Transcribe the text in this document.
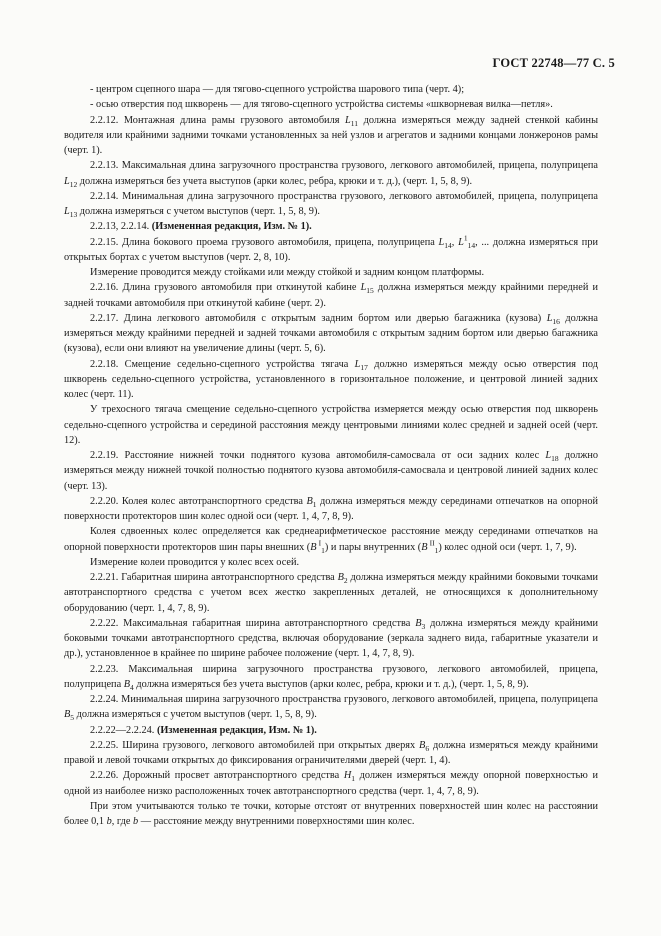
ГОСТ 22748—77 С. 5

- центром сцепного шара — для тягово-сцепного устройства шарового типа (черт. 4);

- осью отверстия под шкворень — для тягово-сцепного устройства системы «шкворневая вилка—петля».

2.2.12. Монтажная длина рамы грузового автомобиля $L_{11}$ должна измеряться между задней стенкой кабины водителя или крайними задними точками установленных за ней узлов и агрегатов и задними концами лонжеронов рамы (черт. 1).

2.2.13. Максимальная длина загрузочного пространства грузового, легкового автомобилей, прицепа, полуприцепа $L_{12}$ должна измеряться без учета выступов (арки колес, ребра, крюки и т. д.), (черт. 1, 5, 8, 9).

2.2.14. Минимальная длина загрузочного пространства грузового, легкового автомобилей, прицепа, полуприцепа $L_{13}$ должна измеряться с учетом выступов (черт. 1, 5, 8, 9).

2.2.13, 2.2.14. (Измененная редакция, Изм. № 1).

2.2.15. Длина бокового проема грузового автомобиля, прицепа, полуприцепа $L_{14}$, $L^1_{14}$, ... должна измеряться при открытых бортах с учетом выступов (черт. 2, 8, 10).

Измерение проводится между стойками или между стойкой и задним концом платформы.

2.2.16. Длина грузового автомобиля при откинутой кабине $L_{15}$ должна измеряться между крайними передней и задней точками автомобиля при откинутой кабине (черт. 2).

2.2.17. Длина легкового автомобиля с открытым задним бортом или дверью багажника (кузова) $L_{16}$ должна измеряться между крайними передней и задней точками автомобиля с открытым задним бортом или дверью багажника (кузова), если они влияют на увеличение длины (черт. 5, 6).

2.2.18. Смещение седельно-сцепного устройства тягача $L_{17}$ должно измеряться между осью отверстия под шкворень седельно-сцепного устройства, установленного в горизонтальное положение, и центровой линией задних колес (черт. 11).

У трехосного тягача смещение седельно-сцепного устройства измеряется между осью отверстия под шкворень седельно-сцепного устройства и серединой расстояния между центровыми линиями колес средней и задней осей (черт. 12).

2.2.19. Расстояние нижней точки поднятого кузова автомобиля-самосвала от оси задних колес $L_{18}$ должно измеряться между нижней точкой полностью поднятого кузова автомобиля-самосвала и центровой линией задних колес (черт. 13).

2.2.20. Колея колес автотранспортного средства $B_1$ должна измеряться между серединами отпечатков на опорной поверхности протекторов шин колес одной оси (черт. 1, 4, 7, 8, 9).

Колея сдвоенных колес определяется как среднеарифметическое расстояние между серединами отпечатков на опорной поверхности протекторов шин пары внешних (B  $^I_1$) и пары внутренних (B  $^{II}_1$) колес одной оси (черт. 1, 7, 9).

Измерение колеи проводится у колес всех осей.

2.2.21. Габаритная ширина автотранспортного средства $B_2$ должна измеряться между крайними боковыми точками автотранспортного средства с учетом всех жестко закрепленных деталей, не относящихся к дополнительному оборудованию (черт. 1, 4, 7, 8, 9).

2.2.22. Максимальная габаритная ширина автотранспортного средства $B_3$ должна измеряться между крайними боковыми точками автотранспортного средства, включая оборудование (зеркала заднего вида, габаритные указатели и др.), установленное в крайнее по ширине рабочее положение (черт. 1, 4, 7, 8, 9).

2.2.23. Максимальная ширина загрузочного пространства грузового, легкового автомобилей, прицепа, полуприцепа $B_4$ должна измеряться без учета выступов (арки колес, ребра, крюки и т. д.), (черт. 1, 5, 8, 9).

2.2.24. Минимальная ширина загрузочного пространства грузового, легкового автомобилей, прицепа, полуприцепа $B_5$ должна измеряться с учетом выступов (черт. 1, 5, 8, 9).

2.2.22—2.2.24. (Измененная редакция, Изм. № 1).

2.2.25. Ширина грузового, легкового автомобилей при открытых дверях $B_6$ должна измеряться между крайними правой и левой точками открытых до фиксирования ограничителями дверей (черт. 1, 4).

2.2.26. Дорожный просвет автотранспортного средства $H_1$ должен измеряться между опорной поверхностью и одной из наиболее низко расположенных точек автотранспортного средства (черт. 1, 4, 7, 8, 9).

При этом учитываются только те точки, которые отстоят от внутренних поверхностей шин колес на расстоянии более 0,1 b, где b — расстояние между внутренними поверхностями шин колес.
